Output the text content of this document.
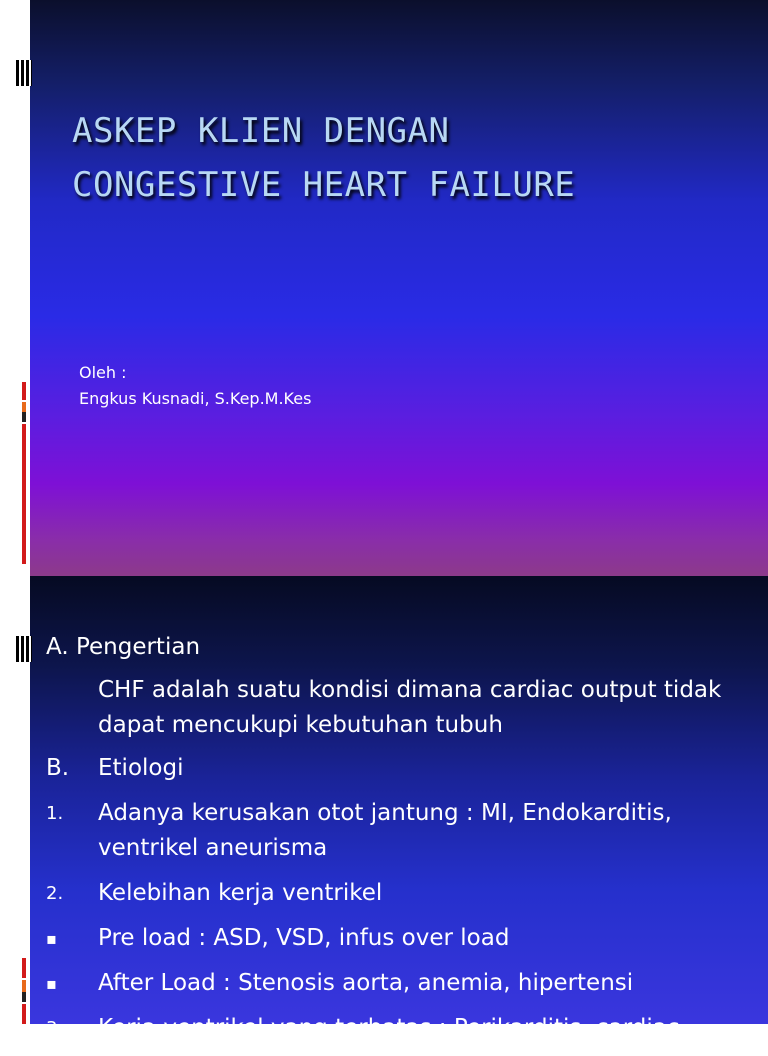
ASKEP KLIEN DENGAN
CONGESTIVE HEART FAILURE
Oleh :
Engkus Kusnadi, S.Kep.M.Kes
A. Pengertian
CHF adalah suatu kondisi dimana cardiac output tidak dapat mencukupi kebutuhan tubuh
B.	Etiologi
1.	Adanya kerusakan otot jantung : MI, Endokarditis, ventrikel aneurisma
2.	Kelebihan kerja ventrikel
▪	Pre load : ASD, VSD, infus over load
▪	After Load : Stenosis aorta, anemia, hipertensi
3.	Kerja ventrikel yang terbatas : Perikarditis, cardiac
